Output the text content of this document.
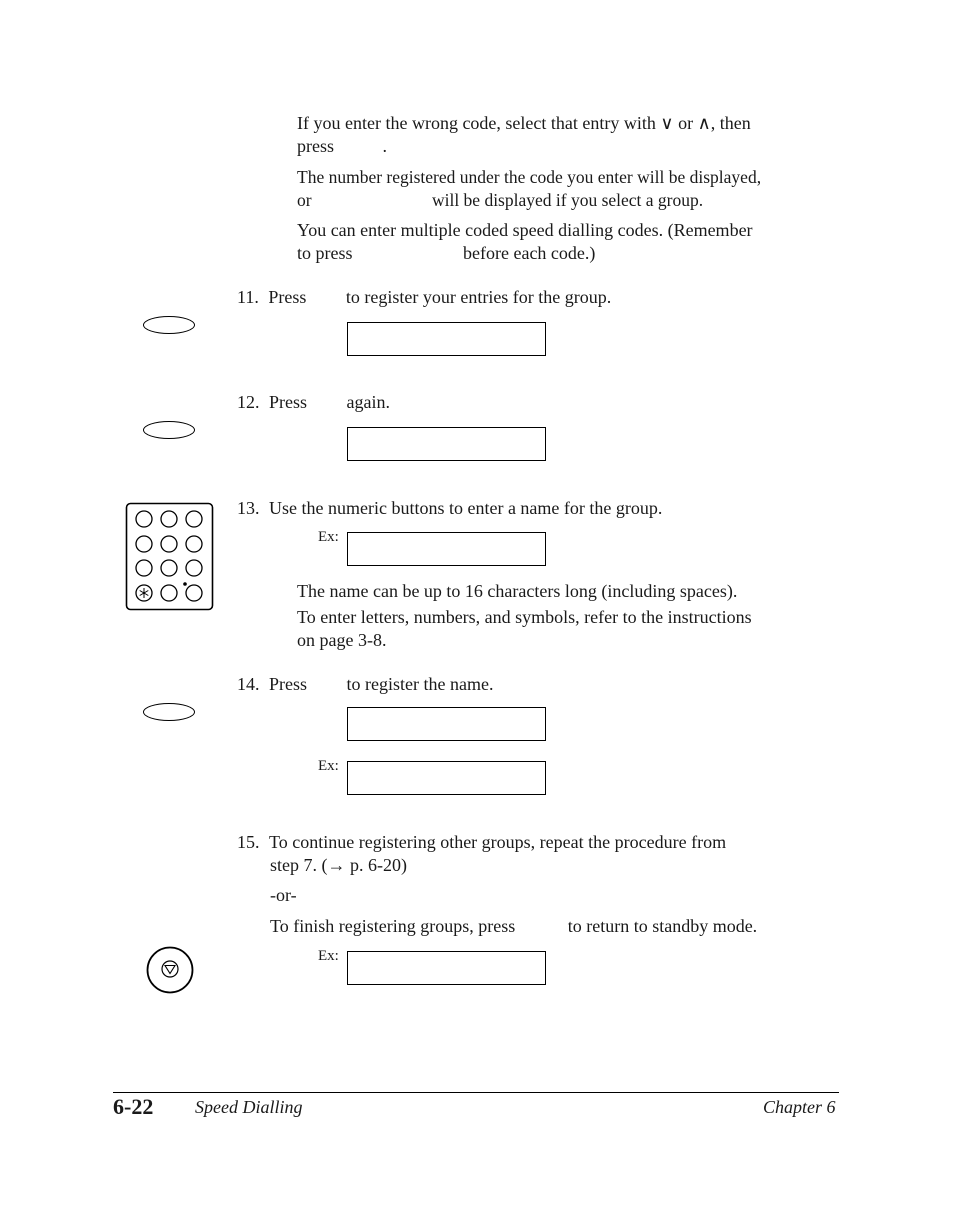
If you enter the wrong code, select that entry with ∨ or ∧, then
press	.
The number registered under the code you enter will be displayed,
or	will be displayed if you select a group.
You can enter multiple coded speed dialling codes. (Remember
to press	before each code.)
11. Press to register your entries for the group.
12. Press again.
13. Use the numeric buttons to enter a name for the group.
Ex:
The name can be up to 16 characters long (including spaces).
To enter letters, numbers, and symbols, refer to the instructions
on page 3-8.
14. Press to register the name.
Ex:
15. To continue registering other groups, repeat the procedure from
step 7. (→ p. 6-20)
-or-
To finish registering groups, press	to return to standby mode.
Ex:
6-22 Speed Dialling	Chapter 6
